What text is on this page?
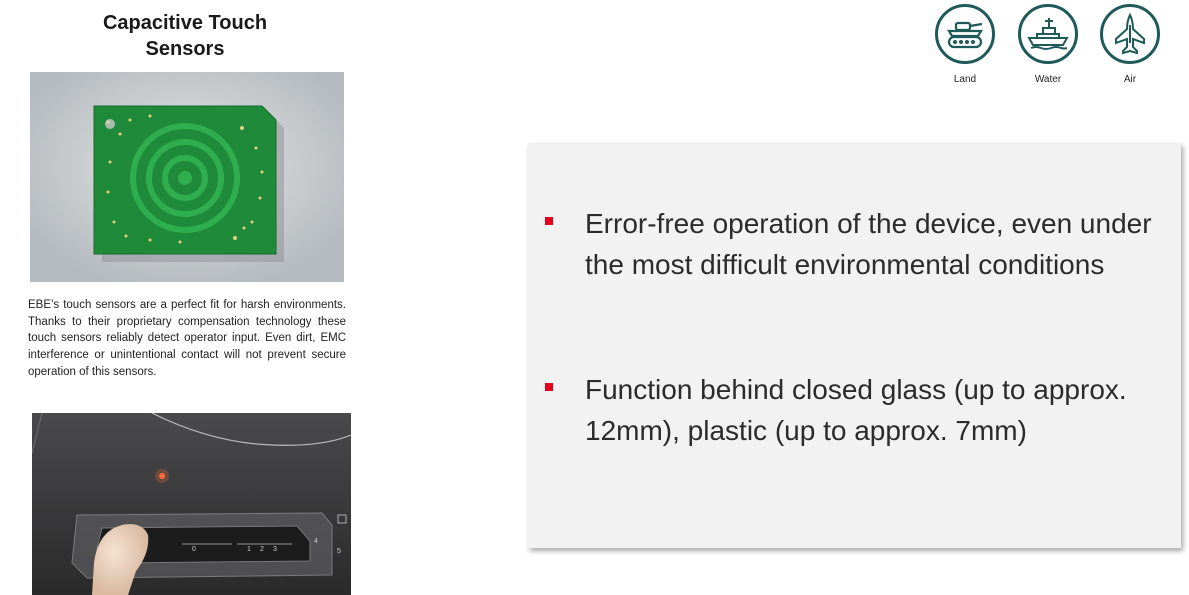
Capacitive Touch
Sensors
EBE’s touch sensors are a perfect fit for harsh environments. Thanks to their proprietary compensation technology these touch sensors reliably detect operator input. Even dirt, EMC interference or unintentional contact will not prevent secure operation of this sensors.
0	1 2 3
4
5
Land	Water	Air
Error-free operation of the device, even under the most difficult environmental conditions
Function behind closed glass (up to approx. 12mm), plastic (up to approx. 7mm)
